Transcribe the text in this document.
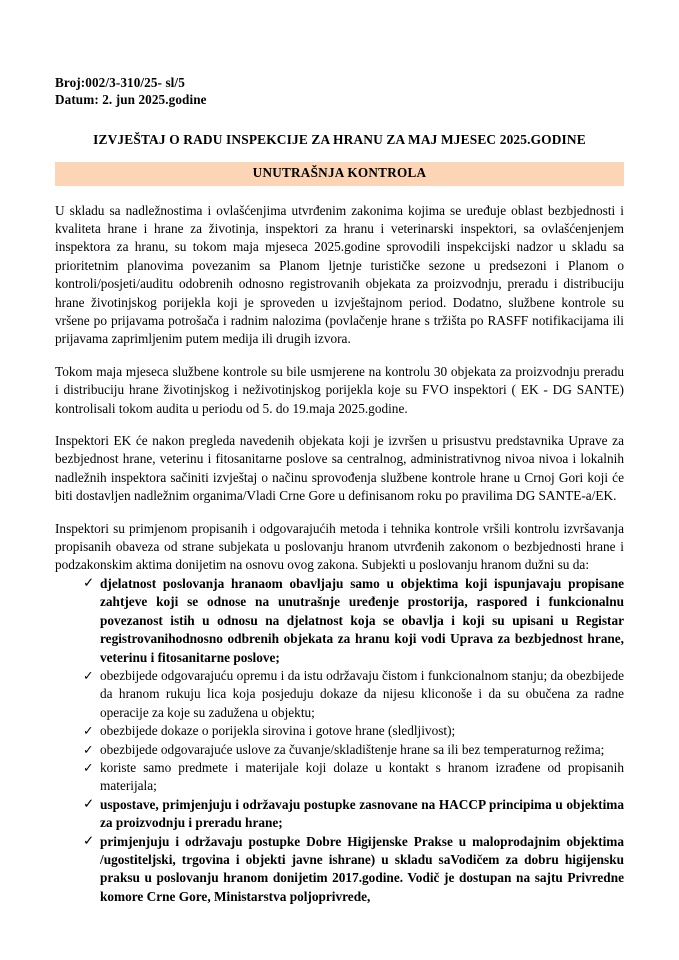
Broj:002/3-310/25- sl/5
Datum: 2. jun 2025.godine
IZVJEŠTAJ O RADU INSPEKCIJE ZA HRANU ZA MAJ MJESEC 2025.GODINE
UNUTRAŠNJA KONTROLA

U skladu sa nadležnostima i ovlašćenjima utvrđenim zakonima kojima se uređuje oblast bezbjednosti i kvaliteta hrane i hrane za životinja, inspektori za hranu i veterinarski inspektori, sa ovlašćenjenjem inspektora za hranu, su tokom maja mjeseca 2025.godine sprovodili inspekcijski nadzor u skladu sa prioritetnim planovima povezanim sa Planom ljetnje turističke sezone u predsezoni i Planom o kontroli/posjeti/auditu odobrenih odnosno registrovanih objekata za proizvodnju, preradu i distribuciju hrane životinjskog porijekla koji je sproveden u izvještajnom period. Dodatno, službene kontrole su vršene po prijavama potrošača i radnim nalozima (povlačenje hrane s tržišta po RASFF notifikacijama ili prijavama zaprimljenim putem medija ili drugih izvora.

Tokom maja mjeseca službene kontrole su bile usmjerene na kontrolu 30 objekata za proizvodnju preradu i distribuciju hrane životinjskog i neživotinjskog porijekla koje su FVO inspektori ( EK - DG SANTE) kontrolisali tokom audita u periodu od 5. do 19.maja 2025.godine.

Inspektori EK će nakon pregleda navedenih objekata koji je izvršen u prisustvu predstavnika Uprave za bezbjednost hrane, veterinu i fitosanitarne poslove sa centralnog, administrativnog nivoa nivoa i lokalnih nadležnih inspektora sačiniti izvještaj o načinu sprovođenja službene kontrole hrane u Crnoj Gori koji će biti dostavljen nadležnim organima/Vladi Crne Gore u definisanom roku po pravilima DG SANTE-a/EK.

Inspektori su primjenom propisanih i odgovarajućih metoda i tehnika kontrole vršili kontrolu izvršavanja propisanih obaveza od strane subjekata u poslovanju hranom utvrđenih zakonom o bezbjednosti hrane i podzakonskim aktima donijetim na osnovu ovog zakona. Subjekti u poslovanju hranom dužni su da:

✓ djelatnost poslovanja hranaom obavljaju samo u objektima koji ispunjavaju propisane zahtjeve koji se odnose na unutrašnje uređenje prostorija, raspored i funkcionalnu povezanost istih u odnosu na djelatnost koja se obavlja i koji su upisani u Registar registrovanihodnosno odbrenih objekata za hranu koji vodi Uprava za bezbjednost hrane, veterinu i fitosanitarne poslove;
✓ obezbijede odgovarajuću opremu i da istu održavaju čistom i funkcionalnom stanju; da obezbijede da hranom rukuju lica koja posjeduju dokaze da nijesu kliconoše i da su obučena za radne operacije za koje su zadužena u objektu;
✓ obezbijede dokaze o porijekla sirovina i gotove hrane (sledljivost);
✓ obezbijede odgovarajuće uslove za čuvanje/skladištenje hrane sa ili bez temperaturnog režima;
✓ koriste samo predmete i materijale koji dolaze u kontakt s hranom izrađene od propisanih materijala;
✓ uspostave, primjenjuju i održavaju postupke zasnovane na HACCP principima u objektima za proizvodnju i preradu hrane;
✓ primjenjuju i održavaju postupke Dobre Higijenske Prakse u maloprodajnim objektima /ugostiteljski, trgovina i objekti javne ishrane) u skladu saVodičem za dobru higijensku praksu u poslovanju hranom donijetim 2017.godine. Vodič je dostupan na sajtu Privredne komore Crne Gore, Ministarstva poljoprivrede,
